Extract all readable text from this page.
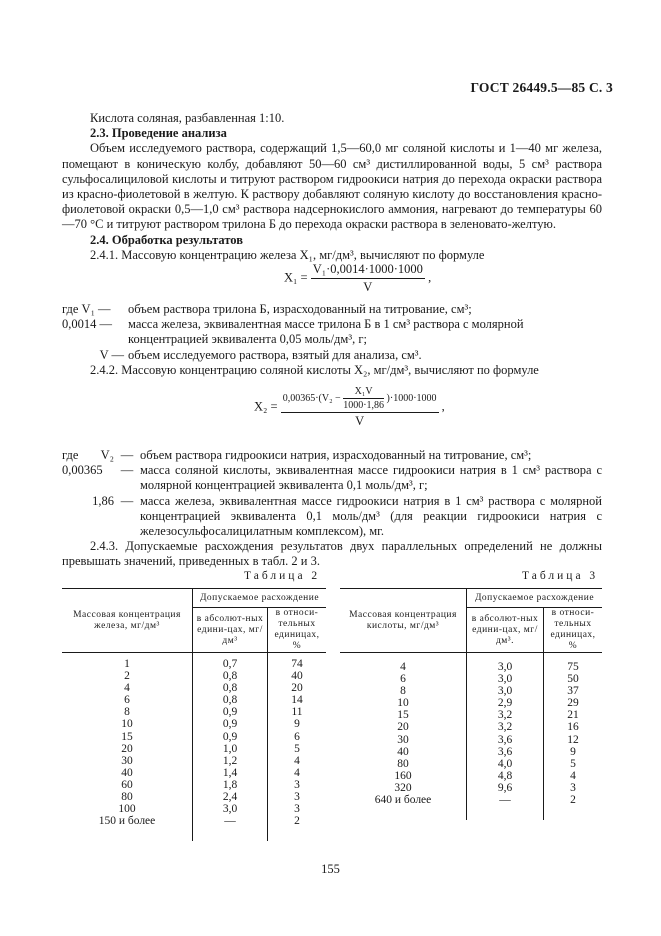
ГОСТ 26449.5—85 С. 3

Кислота соляная, разбавленная 1:10.

2.3. Проведение анализа

Объем исследуемого раствора, содержащий 1,5—60,0 мг соляной кислоты и 1—40 мг железа, помещают в коническую колбу, добавляют 50—60 см³ дистиллированной воды, 5 см³ раствора сульфосалициловой кислоты и титруют раствором гидроокиси натрия до перехода окраски раствора из красно-фиолетовой в желтую. К раствору добавляют соляную кислоту до восстановления красно-фиолетовой окраски 0,5—1,0 см³ раствора надсернокислого аммония, нагревают до температуры 60—70 °С и титруют раствором трилона Б до перехода окраски раствора в зеленовато-желтую.

2.4. Обработка результатов

2.4.1. Массовую концентрацию железа X₁, мг/дм³, вычисляют по формуле

$X_1 = \frac{\text{V₁·0,0014·1000·1000}}{V}$ ,
где V₁ —	объем раствора трилона Б, израсходованный на титрование, см³;
0,0014 —	масса железа, эквивалентная массе трилона Б в 1 см³ раствора с молярной концентрацией эквивалента 0,05 моль/дм³, г;
V — объем исследуемого раствора, взятый для анализа, см³.

2.4.2. Массовую концентрацию соляной кислоты X₂, мг/дм³, вычисляют по формуле

X₂ =
$0,00365\cdot(V_2 - \frac{\text{X₁V}}{1000\cdot 1,86} )\cdot 1000\cdot 1000$
V
,
где	V₂ — объем раствора гидроокиси натрия, израсходованный на титрование, см³;
0,00365	— масса соляной кислоты, эквивалентная массе гидроокиси натрия в 1 см³ раствора с молярной концентрацией эквивалента 0,1 моль/дм³, г;
1,86 — масса железа, эквивалентная массе гидроокиси натрия в 1 см³ раствора с молярной концентрацией эквивалента 0,1 моль/дм³ (для реакции гидроокиси натрия с железосульфосалицилатным комплексом), мг.

2.4.3. Допускаемые расхождения результатов двух параллельных определений не должны превышать значений, приведенных в табл. 2 и 3.

Таблица 2	Таблица 3
Массовая концентрация железа, мг/дм³	Допускаемое расхождение	
	в абсолют-ных едини-цах, мг/дм³	в относи-тельных единицах, %
1	0,7	74
2	0,8	40
4	0,8	20
6	0,8	14
8	0,9	11
10	0,9	9
15	0,9	6
20	1,0	5
30	1,2	4
40	1,4	4
60	1,8	3
80	2,4	3
100	3,0	3
150 и более	—	2
Массовая концентрация кислоты, мг/дм³	Допускаемое расхождение	
	в абсолют-ных едини-цах, мг/дм³.	в относи-тельных единицах, %
4	3,0	75
6	3,0	50
8	3,0	37
10	2,9	29
15	3,2	21
20	3,2	16
30	3,6	12
40	3,6	9
80	4,0	5
160	4,8	4
320	9,6	3
640 и более	—	2
155
